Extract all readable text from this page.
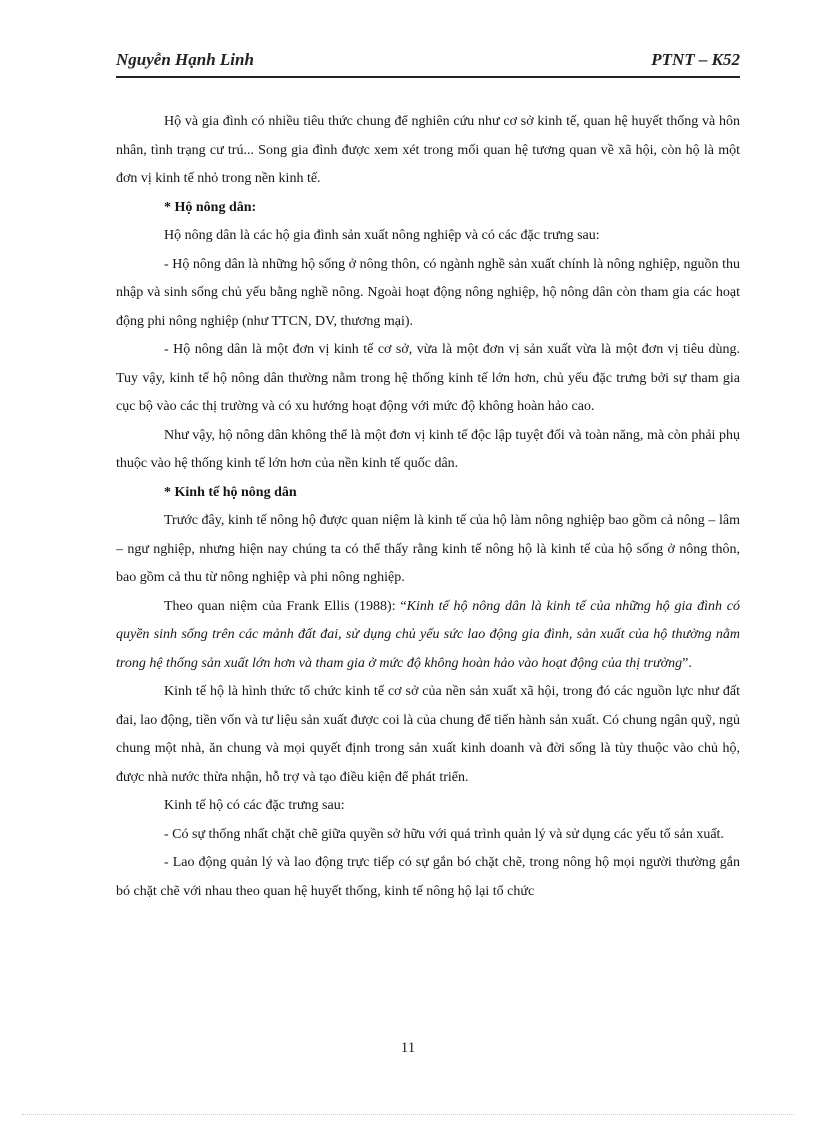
Nguyễn Hạnh Linh	PTNT – K52

Hộ và gia đình có nhiều tiêu thức chung để nghiên cứu như cơ sở kinh tế, quan hệ huyết thống và hôn nhân, tình trạng cư trú... Song gia đình được xem xét trong mối quan hệ tương quan về xã hội, còn hộ là một đơn vị kinh tế nhỏ trong nền kinh tế.

* Hộ nông dân:

Hộ nông dân là các hộ gia đình sản xuất nông nghiệp và có các đặc trưng sau:

- Hộ nông dân là những hộ sống ở nông thôn, có ngành nghề sản xuất chính là nông nghiệp, nguồn thu nhập và sinh sống chủ yếu bằng nghề nông. Ngoài hoạt động nông nghiệp, hộ nông dân còn tham gia các hoạt động phi nông nghiệp (như TTCN, DV, thương mại).

- Hộ nông dân là một đơn vị kinh tế cơ sở, vừa là một đơn vị sản xuất vừa là một đơn vị tiêu dùng. Tuy vậy, kinh tế hộ nông dân thường nằm trong hệ thống kinh tế lớn hơn, chủ yếu đặc trưng bởi sự tham gia cục bộ vào các thị trường và có xu hướng hoạt động với mức độ không hoàn hảo cao.

Như vậy, hộ nông dân không thể là một đơn vị kinh tế độc lập tuyệt đối và toàn năng, mà còn phải phụ thuộc vào hệ thống kinh tế lớn hơn của nền kinh tế quốc dân.

* Kinh tế hộ nông dân

Trước đây, kinh tế nông hộ được quan niệm là kinh tế của hộ làm nông nghiệp bao gồm cả nông – lâm – ngư nghiệp, nhưng hiện nay chúng ta có thể thấy rằng kinh tế nông hộ là kinh tế của hộ sống ở nông thôn, bao gồm cả thu từ nông nghiệp và phi nông nghiệp.

Theo quan niệm của Frank Ellis (1988): “Kinh tế hộ nông dân là kinh tế của những hộ gia đình có quyền sinh sống trên các mảnh đất đai, sử dụng chủ yếu sức lao động gia đình, sản xuất của hộ thường nằm trong hệ thống sản xuất lớn hơn và tham gia ở mức độ không hoàn hảo vào hoạt động của thị trường”.

Kinh tế hộ là hình thức tổ chức kinh tế cơ sở của nền sản xuất xã hội, trong đó các nguồn lực như đất đai, lao động, tiền vốn và tư liệu sản xuất được coi là của chung để tiến hành sản xuất. Có chung ngân quỹ, ngủ chung một nhà, ăn chung và mọi quyết định trong sản xuất kinh doanh và đời sống là tùy thuộc vào chủ hộ, được nhà nước thừa nhận, hỗ trợ và tạo điều kiện để phát triển.

Kinh tế hộ có các đặc trưng sau:

- Có sự thống nhất chặt chẽ giữa quyền sở hữu với quá trình quản lý và sử dụng các yếu tố sản xuất.

- Lao động quản lý và lao động trực tiếp có sự gắn bó chặt chẽ, trong nông hộ mọi người thường gắn bó chặt chẽ với nhau theo quan hệ huyết thống, kinh tế nông hộ lại tổ chức

11
